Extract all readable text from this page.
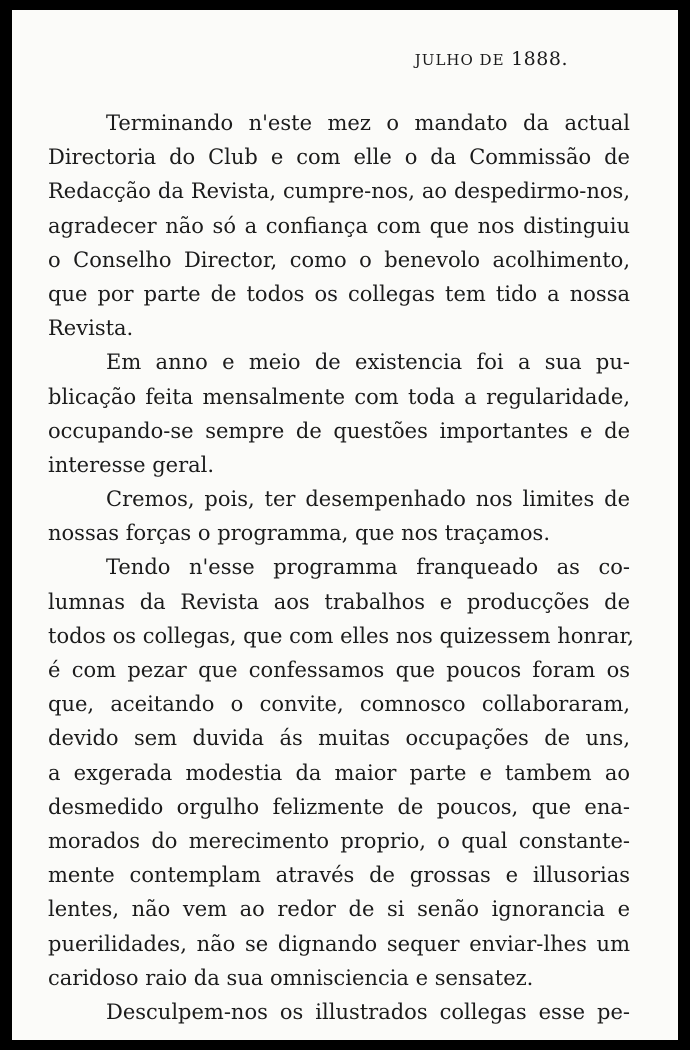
JULHO DE 1888.
Terminando n'este mez o mandato da actual
Directoria do Club e com elle o da Commissão de
Redacção da Revista, cumpre-nos, ao despedirmo-nos,
agradecer não só a confiança com que nos distinguiu
o Conselho Director, como o benevolo acolhimento,
que por parte de todos os collegas tem tido a nossa
Revista.
Em anno e meio de existencia foi a sua pu-
blicação feita mensalmente com toda a regularidade,
occupando-se sempre de questões importantes e de
interesse geral.
Cremos, pois, ter desempenhado nos limites de
nossas forças o programma, que nos traçamos.
Tendo n'esse programma franqueado as co-
lumnas da Revista aos trabalhos e producções de
todos os collegas, que com elles nos quizessem honrar,
é com pezar que confessamos que poucos foram os
que, aceitando o convite, comnosco collaboraram,
devido sem duvida ás muitas occupações de uns,
a exgerada modestia da maior parte e tambem ao
desmedido orgulho felizmente de poucos, que ena-
morados do merecimento proprio, o qual constante-
mente contemplam através de grossas e illusorias
lentes, não vem ao redor de si senão ignorancia e
puerilidades, não se dignando sequer enviar-lhes um
caridoso raio da sua omnisciencia e sensatez.
Desculpem-nos os illustrados collegas esse pe-
